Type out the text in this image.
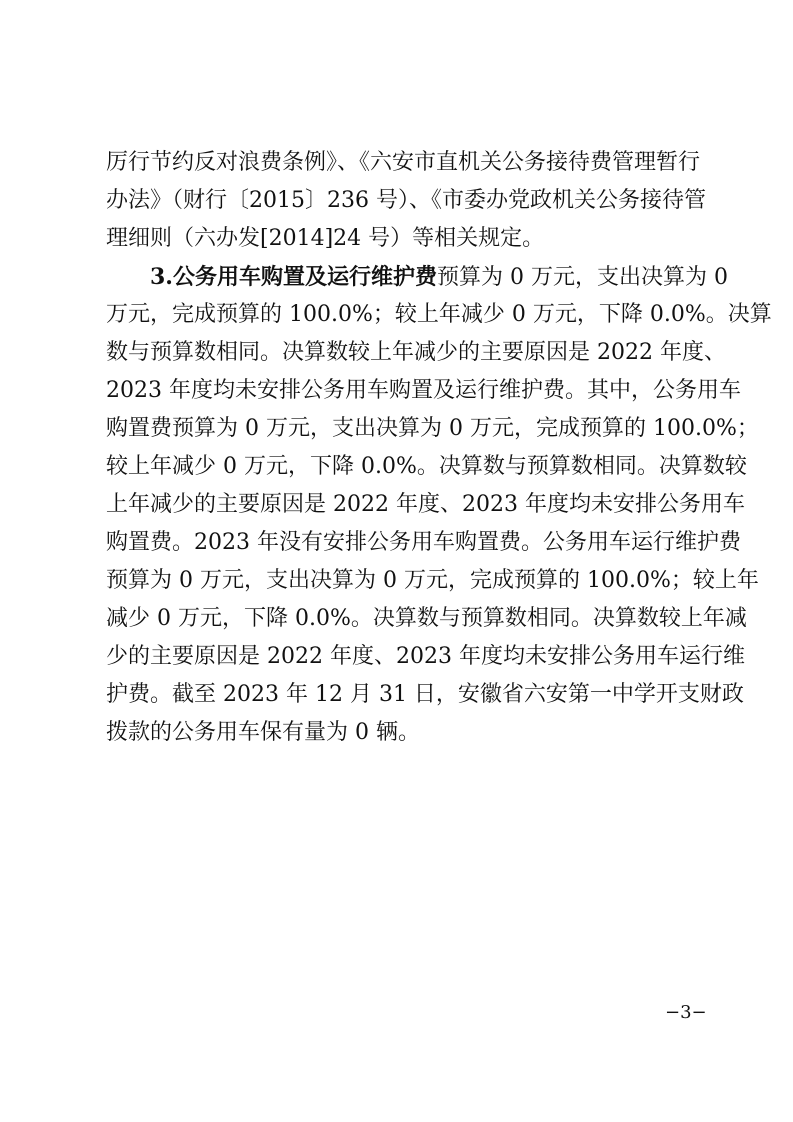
厉行节约反对浪费条例》、《六安市直机关公务接待费管理暂行
办法》（财行〔2015〕236 号）、《市委办党政机关公务接待管
理细则（六办发[2014]24 号）等相关规定。
3.公务用车购置及运行维护费预算为 0 万元，支出决算为 0
万元，完成预算的 100.0%；较上年减少 0 万元，下降 0.0%。决算
数与预算数相同。决算数较上年减少的主要原因是 2022 年度、
2023 年度均未安排公务用车购置及运行维护费。其中，公务用车
购置费预算为 0 万元，支出决算为 0 万元，完成预算的 100.0%；
较上年减少 0 万元，下降 0.0%。决算数与预算数相同。决算数较
上年减少的主要原因是 2022 年度、2023 年度均未安排公务用车
购置费。2023 年没有安排公务用车购置费。公务用车运行维护费
预算为 0 万元，支出决算为 0 万元，完成预算的 100.0%；较上年
减少 0 万元，下降 0.0%。决算数与预算数相同。决算数较上年减
少的主要原因是 2022 年度、2023 年度均未安排公务用车运行维
护费。截至 2023 年 12 月 31 日，安徽省六安第一中学开支财政
拨款的公务用车保有量为 0 辆。
−3−
